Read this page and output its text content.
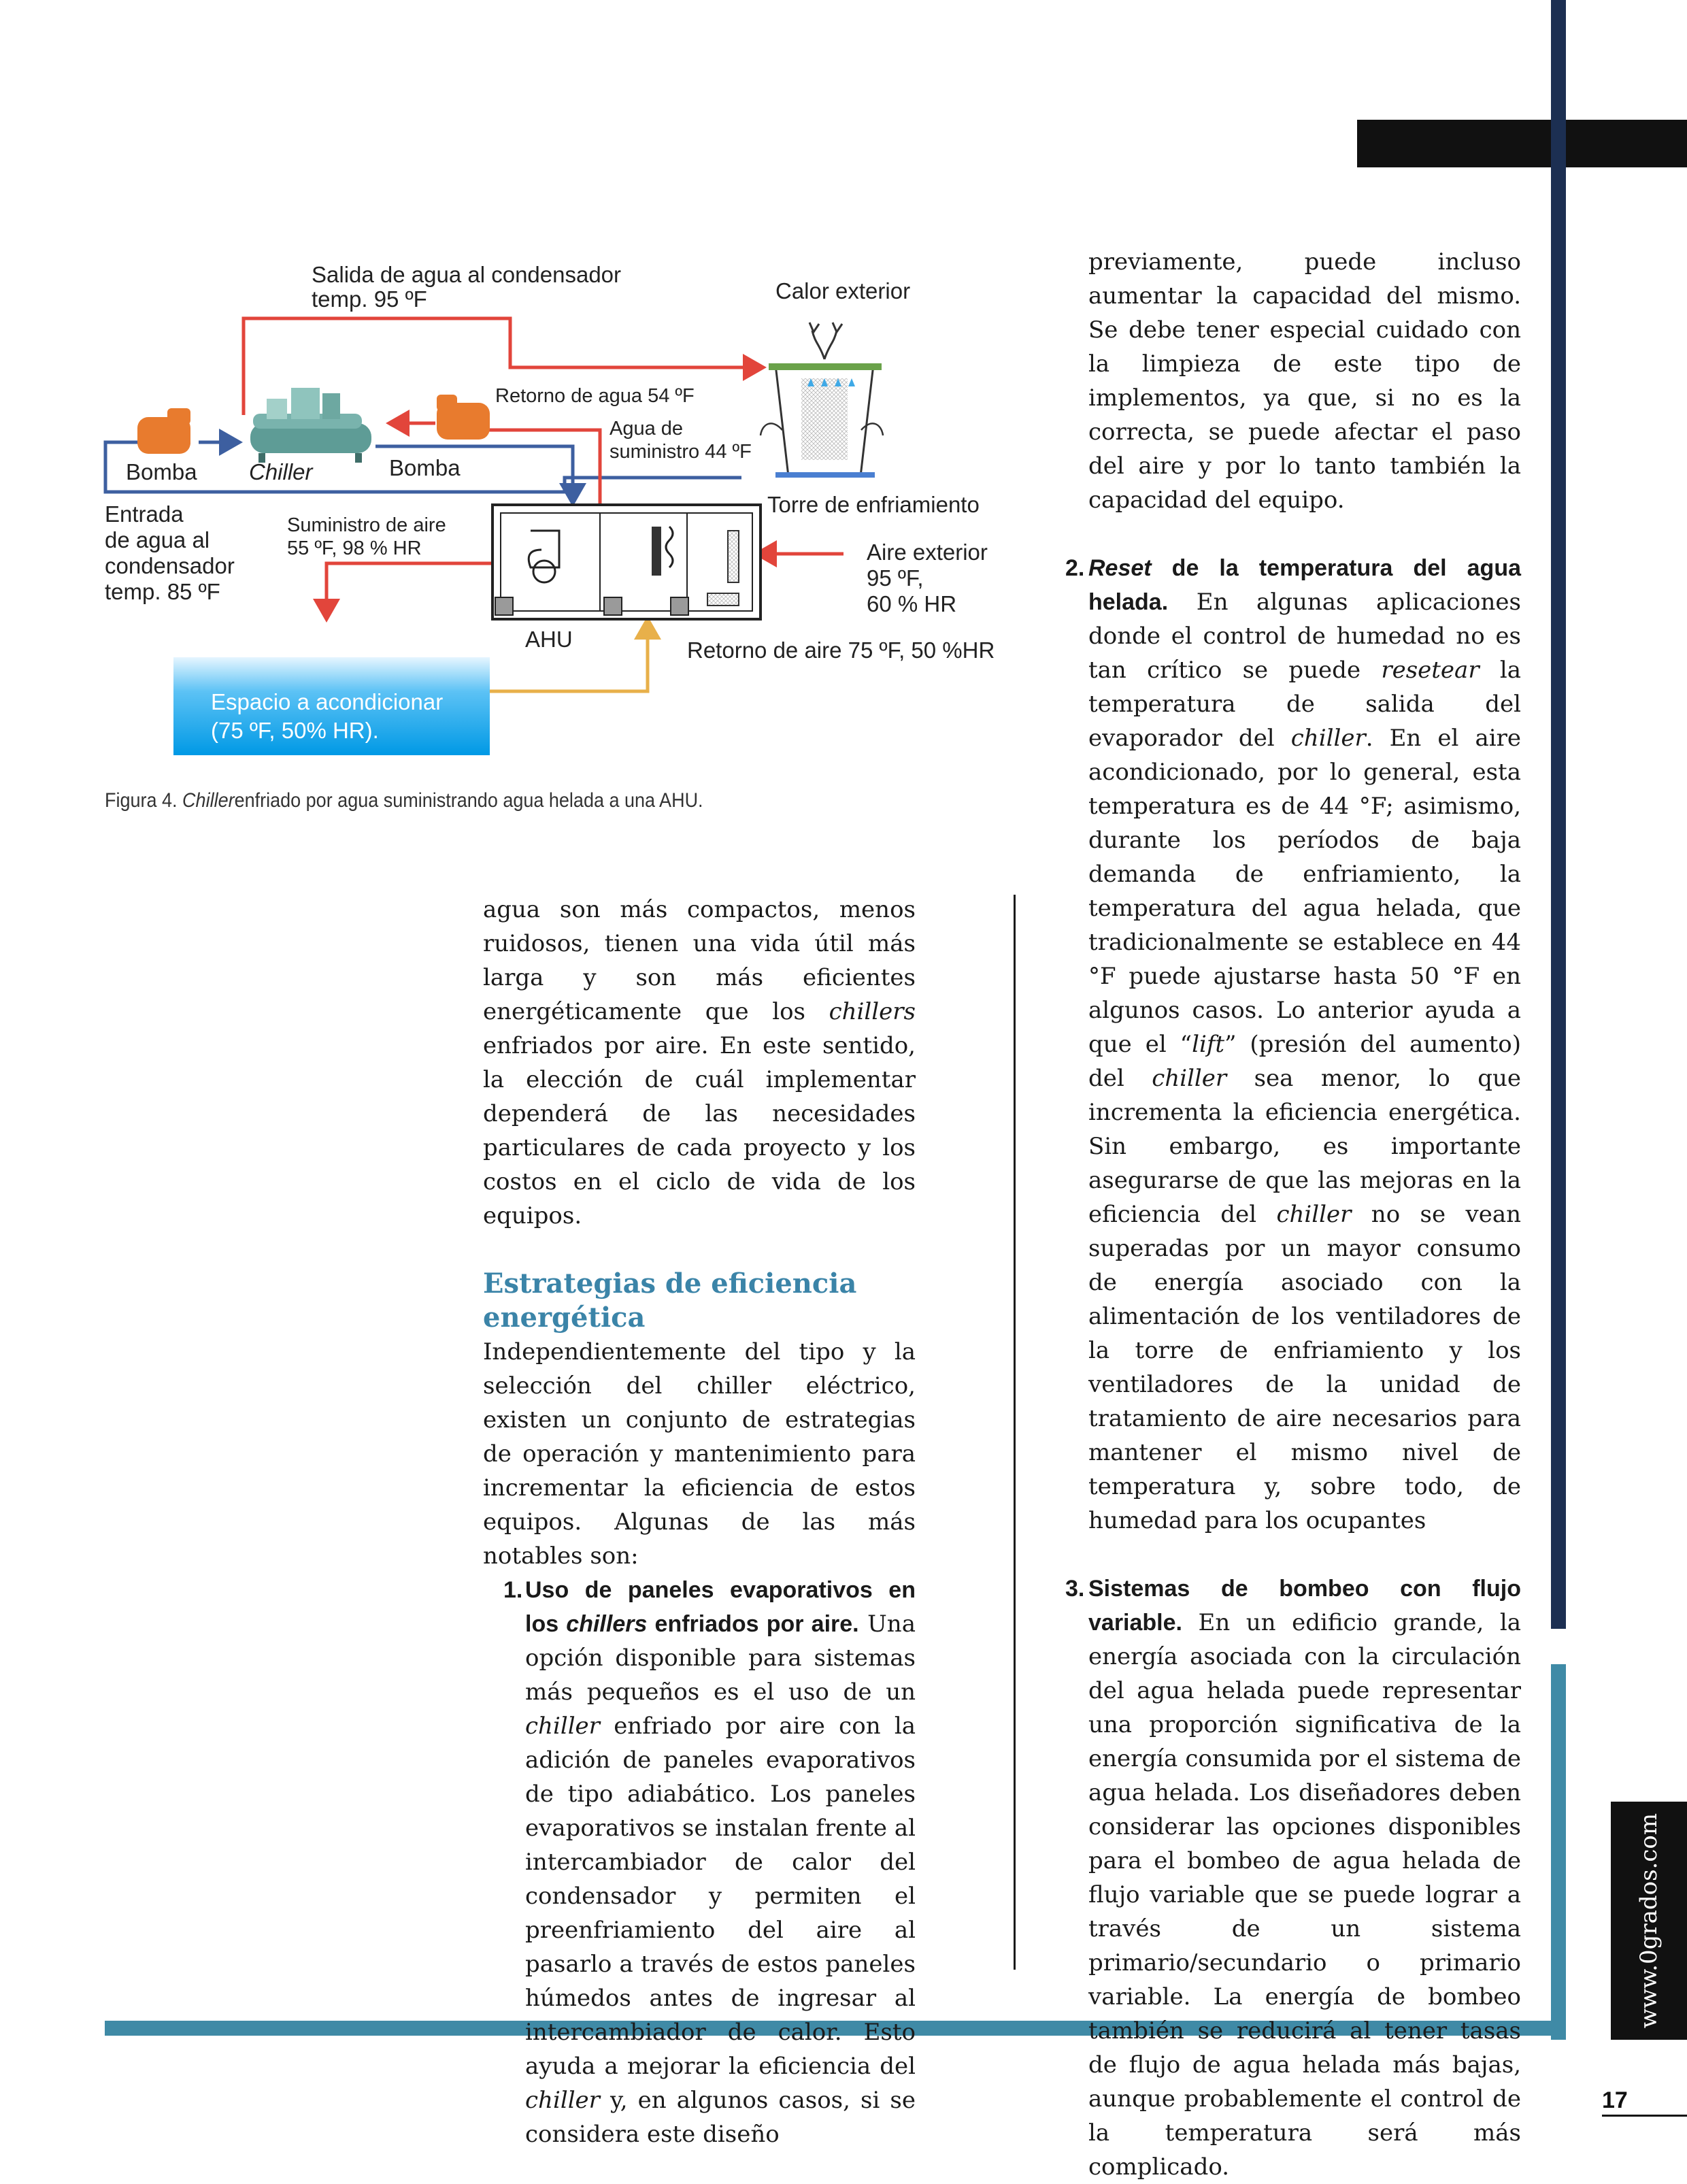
www.0grados.com
17
Salida de agua al condensador
temp. 95 ºF	Calor exterior
Retorno de agua 54 ºF
Agua de
suministro 44 ºF
Bomba Chiller	Bomba
Torre de enfriamiento
Entrada
de agua al
condensador
temp. 85 ºF
Suministro de aire
55 ºF, 98 % HR	Aire exterior
95 ºF,
60 % HR
AHU	Retorno de aire 75 ºF, 50 %HR
Espacio a acondicionar
(75 ºF, 50% HR).
Figura 4. Chillerenfriado por agua suministrando agua helada a una AHU.

agua son más compactos, menos ruidosos, tienen una vida útil más larga y son más eficientes energéticamente que los chillers enfriados por aire. En este sentido, la elección de cuál implementar dependerá de las necesidades particulares de cada proyecto y los costos en el ciclo de vida de los equipos.

Estrategias de eficiencia energética

Independientemente del tipo y la selección del chiller eléctrico, existen un conjunto de estrategias de operación y mantenimiento para incrementar la eficiencia de estos equipos. Algunas de las más notables son:

1. Uso de paneles evaporativos en los chillers enfriados por aire. Una opción disponible para sistemas más pequeños es el uso de un chiller enfriado por aire con la adición de paneles evaporativos de tipo adiabático. Los paneles evaporativos se instalan frente al intercambiador de calor del condensador y permiten el preenfriamiento del aire al pasarlo a través de estos paneles húmedos antes de ingresar al intercambiador de calor. Esto ayuda a mejorar la eficiencia del chiller y, en algunos casos, si se considera este diseño

previamente, puede incluso aumentar la capacidad del mismo. Se debe tener especial cuidado con la limpieza de este tipo de implementos, ya que, si no es la correcta, se puede afectar el paso del aire y por lo tanto también la capacidad del equipo.

2. Reset de la temperatura del agua helada. En algunas aplicaciones donde el control de humedad no es tan crítico se puede resetear la temperatura de salida del evaporador del chiller. En el aire acondicionado, por lo general, esta temperatura es de 44 °F; asimismo, durante los períodos de baja demanda de enfriamiento, la temperatura del agua helada, que tradicionalmente se establece en 44 °F puede ajustarse hasta 50 °F en algunos casos. Lo anterior ayuda a que el “lift” (presión del aumento) del chiller sea menor, lo que incrementa la eficiencia energética. Sin embargo, es importante asegurarse de que las mejoras en la eficiencia del chiller no se vean superadas por un mayor consumo de energía asociado con la alimentación de los ventiladores de la torre de enfriamiento y los ventiladores de la unidad de tratamiento de aire necesarios para mantener el mismo nivel de temperatura y, sobre todo, de humedad para los ocupantes

3. Sistemas de bombeo con flujo variable. En un edificio grande, la energía asociada con la circulación del agua helada puede representar una proporción significativa de la energía consumida por el sistema de agua helada. Los diseñadores deben considerar las opciones disponibles para el bombeo de agua helada de flujo variable que se puede lograr a través de un sistema primario/secundario o primario variable. La energía de bombeo también se reducirá al tener tasas de flujo de agua helada más bajas, aunque probablemente el control de la temperatura será más complicado.
